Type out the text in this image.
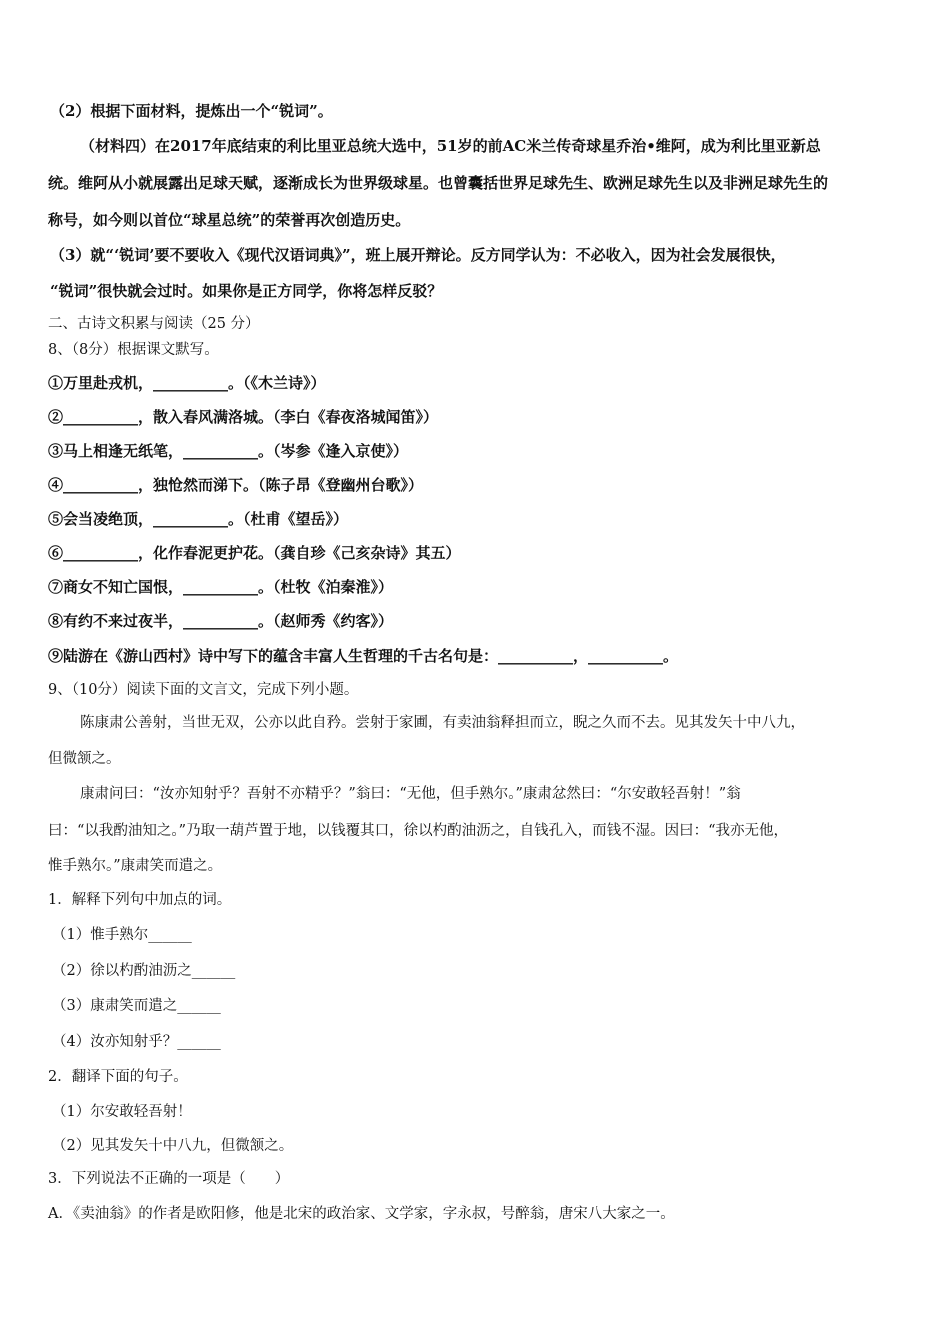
（2）根据下面材料，提炼出一个“锐词”。
（材料四）在2017年底结束的利比里亚总统大选中，51岁的前AC米兰传奇球星乔治•维阿，成为利比里亚新总
统。维阿从小就展露出足球天赋，逐渐成长为世界级球星。也曾囊括世界足球先生、欧洲足球先生以及非洲足球先生的
称号，如今则以首位“球星总统”的荣誉再次创造历史。
（3）就“‘锐词’要不要收入《现代汉语词典》”，班上展开辩论。反方同学认为：不必收入，因为社会发展很快，
“锐词”很快就会过时。如果你是正方同学，你将怎样反驳？
二、古诗文积累与阅读（25 分）
8、（8分）根据课文默写。
①万里赴戎机，__________。（《木兰诗》）
②__________，散入春风满洛城。（李白《春夜洛城闻笛》）
③马上相逢无纸笔，__________。（岑参《逢入京使》）
④__________，独怆然而涕下。（陈子昂《登幽州台歌》）
⑤会当凌绝顶，__________。（杜甫《望岳》）
⑥__________，化作春泥更护花。（龚自珍《己亥杂诗》其五）
⑦商女不知亡国恨，__________。（杜牧《泊秦淮》）
⑧有约不来过夜半，__________。（赵师秀《约客》）
⑨陆游在《游山西村》诗中写下的蕴含丰富人生哲理的千古名句是：__________，__________。
9、（10分）阅读下面的文言文，完成下列小题。
陈康肃公善射，当世无双，公亦以此自矜。尝射于家圃，有卖油翁释担而立，睨之久而不去。见其发矢十中八九，
但微颔之。
康肃问曰：“汝亦知射乎？吾射不亦精乎？”翁曰：“无他，但手熟尔。”康肃忿然曰：“尔安敢轻吾射！”翁
曰：“以我酌油知之。”乃取一葫芦置于地，以钱覆其口，徐以杓酌油沥之，自钱孔入，而钱不湿。因曰：“我亦无他，
惟手熟尔。”康肃笑而遣之。
1．解释下列句中加点的词。
（1）惟手熟尔______
（2）徐以杓酌油沥之______
（3）康肃笑而遣之______
（4）汝亦知射乎？______
2．翻译下面的句子。
（1）尔安敢轻吾射！
（2）见其发矢十中八九，但微颔之。
3．下列说法不正确的一项是（　　）
A．《卖油翁》的作者是欧阳修，他是北宋的政治家、文学家，字永叔，号醉翁，唐宋八大家之一。
